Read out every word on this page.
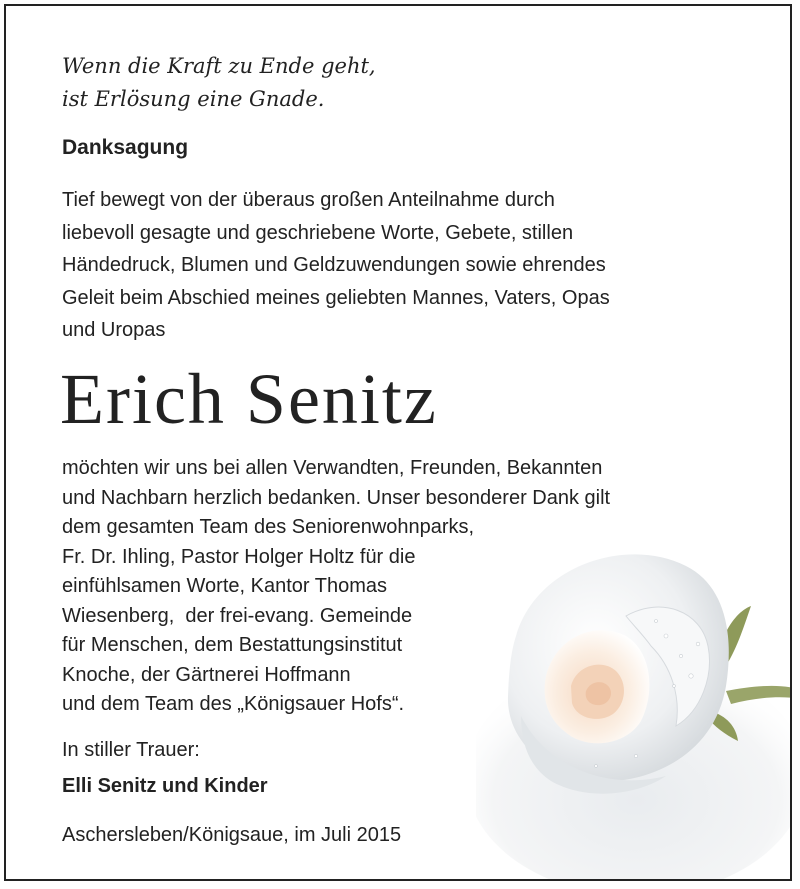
Wenn die Kraft zu Ende geht,
ist Erlösung eine Gnade.
Danksagung
Tief bewegt von der überaus großen Anteilnahme durch
liebevoll gesagte und geschriebene Worte, Gebete, stillen
Händedruck, Blumen und Geldzuwendungen sowie ehrendes
Geleit beim Abschied meines geliebten Mannes, Vaters, Opas
und Uropas
Erich Senitz
möchten wir uns bei allen Verwandten, Freunden, Bekannten
und Nachbarn herzlich bedanken. Unser besonderer Dank gilt
dem gesamten Team des Seniorenwohnparks,
Fr. Dr. Ihling, Pastor Holger Holtz für die
einfühlsamen Worte, Kantor Thomas
Wiesenberg,  der frei-evang. Gemeinde
für Menschen, dem Bestattungsinstitut
Knoche, der Gärtnerei Hoffmann
und dem Team des „Königsauer Hofs“.
In stiller Trauer:
Elli Senitz und Kinder
Aschersleben/Königsaue, im Juli 2015
